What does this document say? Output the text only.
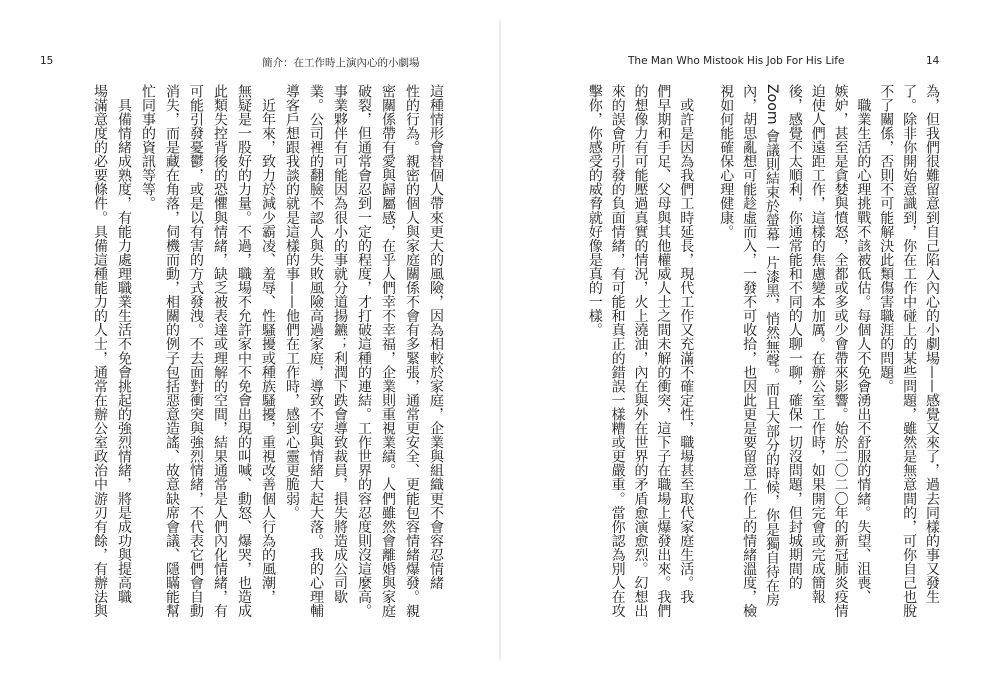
15	簡介：在工作時上演內心的小劇場	The Man Who Mistook His Job For His Life	14
這種情形會替個人帶來更大的風險，因為相較於家庭，企業與組織更不會容忍情緒
性的行為。親密的個人與家庭關係不會有多緊張，通常更安全、更能包容情緒爆發。親
密關係帶有愛與歸屬感，在乎人們幸不幸福，企業則重視業績。人們雖然會離婚與家庭
破裂，但通常會忍到一定的程度，才打破這種的連結。工作世界的容忍度則沒這麼高。
事業夥伴有可能因為很小的事就分道揚鑣；利潤下跌會導致裁員，損失將造成公司歇
業。公司裡的翻臉不認人與失敗風險高過家庭，導致不安與情緒大起大落。我的心理輔
導客戶想跟我談的就是這樣的事——他們在工作時，感到心靈更脆弱。
　近年來，致力於減少霸凌、羞辱、性騷擾或種族騷擾，重視改善個人行為的風潮，
無疑是一股好的力量。不過，職場不允許家中不免會出現的叫喊、動怒、爆哭，也造成
此類失控背後的恐懼與情緒，缺乏被表達或理解的空間，結果通常是人們內化情緒，有
可能引發憂鬱，或是以有害的方式發洩。不去面對衝突與強烈情緒，不代表它們會自動
消失，而是藏在角落，伺機而動，相關的例子包括惡意造謠、故意缺席會議、隱瞞能幫
忙同事的資訊等等。
　具備情緒成熟度，有能力處理職業生活不免會挑起的強烈情緒，將是成功與提高職
場滿意度的必要條件。具備這種能力的人士，通常在辦公室政治中游刃有餘，有辦法與	為，但我們很難留意到自己陷入內心的小劇場——感覺又來了，過去同樣的事又發生
了。除非你開始意識到，你在工作中碰上的某些問題，雖然是無意間的，可你自己也脫
不了關係，否則不可能解決此類傷害職涯的問題。
　職業生活的心理挑戰不該被低估。每個人不免會湧出不舒服的情緒。失望、沮喪、
嫉妒，甚至是貪婪與憤怒，全都或多或少會帶來影響。始於二〇二〇年的新冠肺炎疫情
迫使人們遠距工作，這樣的焦慮變本加厲。在辦公室工作時，如果開完會或完成簡報
後，感覺不太順利，你通常能和不同的人聊一聊，確保一切沒問題，但封城期間的
Zoom 會議則結束於螢幕一片漆黑，悄然無聲。而且大部分的時候，你是獨自待在房
內，胡思亂想可能趁虛而入，一發不可收拾，也因此更是要留意工作上的情緒溫度，檢
視如何能確保心理健康。
　或許是因為我們工時延長，現代工作又充滿不確定性，職場甚至取代家庭生活。我
們早期和手足、父母與其他權威人士之間未解的衝突，這下子在職場上爆發出來。我們
的想像力有可能壓過真實的情況，火上澆油，內在與外在世界的矛盾愈演愈烈。幻想出
來的誤會所引發的負面情緒，有可能和真正的錯誤一樣糟或更嚴重。當你認為別人在攻
擊你，你感受的威脅就好像是真的一樣。
